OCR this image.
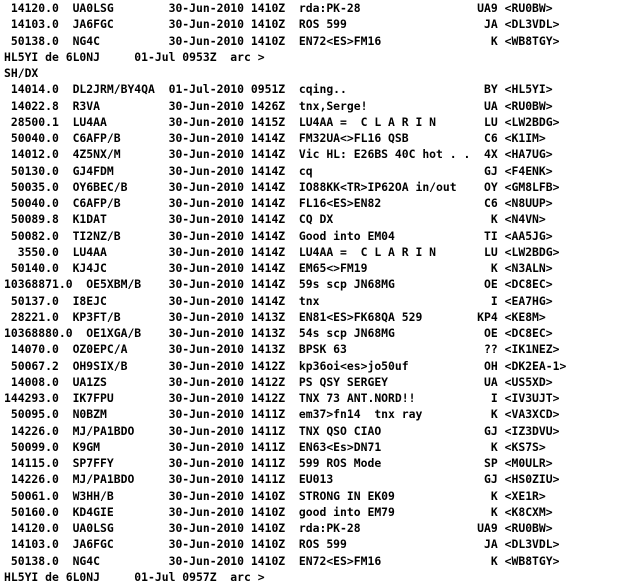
14120.0  UA0LSG        30-Jun-2010 1410Z  rda:PK-28                 UA9 <RU0BW>
14103.0  JA6FGC        30-Jun-2010 1410Z  ROS 599                    JA <DL3VDL>
50138.0  NG4C          30-Jun-2010 1410Z  EN72<ES>FM16                K <WB8TGY>
HL5YI de 6L0NJ     01-Jul 0953Z  arc >
SH/DX
14014.0  DL2JRM/BY4QA  01-Jul-2010 0951Z  cqing..                    BY <HL5YI>
14022.8  R3VA          30-Jun-2010 1426Z  tnx,Serge!                 UA <RU0BW>
28500.1  LU4AA         30-Jun-2010 1415Z  LU4AA =  C L A R I N       LU <LW2BDG>
50040.0  C6AFP/B       30-Jun-2010 1414Z  FM32UA<>FL16 QSB           C6 <K1IM>
14012.0  4Z5NX/M       30-Jun-2010 1414Z  Vic HL: E26BS 40C hot . .  4X <HA7UG>
50130.0  GJ4FDM        30-Jun-2010 1414Z  cq                         GJ <F4ENK>
50035.0  OY6BEC/B      30-Jun-2010 1414Z  IO88KK<TR>IP62OA in/out    OY <GM8LFB>
50040.0  C6AFP/B       30-Jun-2010 1414Z  FL16<ES>EN82               C6 <N8UUP>
50089.8  K1DAT         30-Jun-2010 1414Z  CQ DX                       K <N4VN>
50082.0  TI2NZ/B       30-Jun-2010 1414Z  Good into EM04             TI <AA5JG>
3550.0  LU4AA         30-Jun-2010 1414Z  LU4AA =  C L A R I N       LU <LW2BDG>
50140.0  KJ4JC         30-Jun-2010 1414Z  EM65<>FM19                  K <N3ALN>
10368871.0  OE5XBM/B    30-Jun-2010 1414Z  59s scp JN68MG             OE <DC8EC>
50137.0  I8EJC         30-Jun-2010 1414Z  tnx                         I <EA7HG>
28221.0  KP3FT/B       30-Jun-2010 1413Z  EN81<ES>FK68QA 529        KP4 <KE8M>
10368880.0  OE1XGA/B    30-Jun-2010 1413Z  54s scp JN68MG             OE <DC8EC>
14070.0  OZ0EPC/A      30-Jun-2010 1413Z  BPSK 63                    ?? <IK1NEZ>
50067.2  OH9SIX/B      30-Jun-2010 1412Z  kp36oi<es>jo50uf           OH <DK2EA-1>
14008.0  UA1ZS         30-Jun-2010 1412Z  PS QSY SERGEY              UA <US5XD>
144293.0  IK7FPU        30-Jun-2010 1412Z  TNX 73 ANT.NORD!!           I <IV3UJT>
50095.0  N0BZM         30-Jun-2010 1411Z  em37>fn14  tnx ray          K <VA3XCD>
14226.0  MJ/PA1BDO     30-Jun-2010 1411Z  TNX QSO CIAO               GJ <IZ3DVU>
50099.0  K9GM          30-Jun-2010 1411Z  EN63<Es>DN71                K <KS7S>
14115.0  SP7FFY        30-Jun-2010 1411Z  599 ROS Mode               SP <M0ULR>
14226.0  MJ/PA1BDO     30-Jun-2010 1411Z  EU013                      GJ <HS0ZIU>
50061.0  W3HH/B        30-Jun-2010 1410Z  STRONG IN EK09              K <XE1R>
50160.0  KD4GIE        30-Jun-2010 1410Z  good into EM79              K <K8CXM>
14120.0  UA0LSG        30-Jun-2010 1410Z  rda:PK-28                 UA9 <RU0BW>
14103.0  JA6FGC        30-Jun-2010 1410Z  ROS 599                    JA <DL3VDL>
50138.0  NG4C          30-Jun-2010 1410Z  EN72<ES>FM16                K <WB8TGY>
HL5YI de 6L0NJ     01-Jul 0957Z  arc >
